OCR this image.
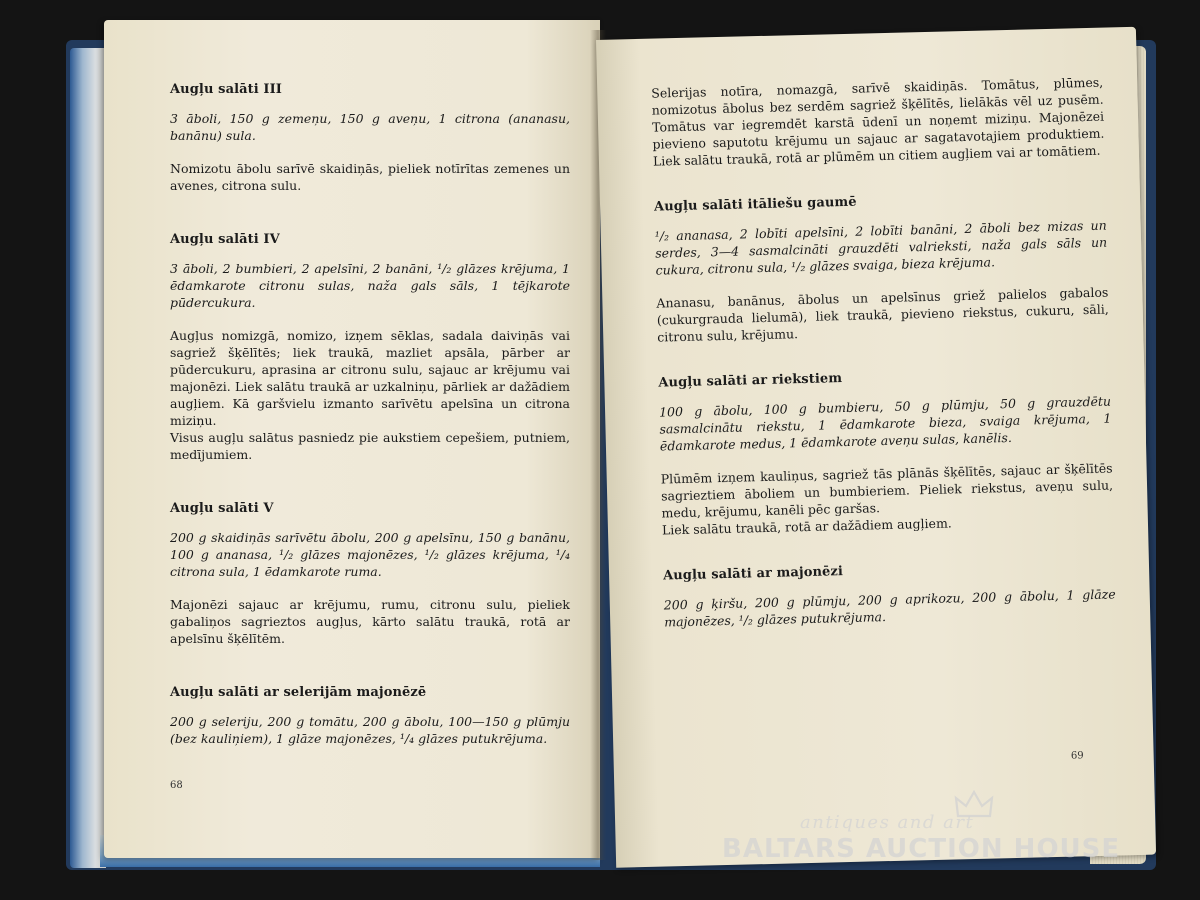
Augļu salāti III

3 āboli, 150 g zemeņu, 150 g aveņu, 1 citrona (ananasu, banānu) sula.

Nomizotu ābolu sarīvē skaidiņās, pieliek notīrītas zemenes un avenes, citrona sulu.

Augļu salāti IV

3 āboli, 2 bumbieri, 2 apelsīni, 2 banāni, ¹/₂ glāzes krējuma, 1 ēdamkarote citronu sulas, naža gals sāls, 1 tējkarote pūdercukura.

Augļus nomizgā, nomizo, izņem sēklas, sadala daiviņās vai sagriež šķēlītēs; liek traukā, mazliet apsāla, pārber ar pūdercukuru, aprasina ar citronu sulu, sajauc ar krējumu vai majonēzi. Liek salātu traukā ar uzkalniņu, pārliek ar dažādiem augļiem. Kā garšvielu izmanto sarīvētu apelsīna un citrona miziņu.

Visus augļu salātus pasniedz pie aukstiem cepešiem, putniem, medījumiem.

Augļu salāti V

200 g skaidiņās sarīvētu ābolu, 200 g apelsīnu, 150 g banānu, 100 g ananasa, ¹/₂ glāzes majonēzes, ¹/₂ glāzes krējuma, ¹/₄ citrona sula, 1 ēdamkarote ruma.

Majonēzi sajauc ar krējumu, rumu, citronu sulu, pieliek gabaliņos sagrieztos augļus, kārto salātu traukā, rotā ar apelsīnu šķēlītēm.

Augļu salāti ar selerijām majonēzē

200 g seleriju, 200 g tomātu, 200 g ābolu, 100—150 g plūmju (bez kauliņiem), 1 glāze majonēzes, ¹/₄ glāzes putukrējuma.

68

Selerijas notīra, nomazgā, sarīvē skaidiņās. Tomātus, plūmes, nomizotus ābolus bez serdēm sagriež šķēlītēs, lielākās vēl uz pusēm. Tomātus var iegremdēt karstā ūdenī un noņemt miziņu. Majonēzei pievieno saputotu krējumu un sajauc ar sagatavotajiem produktiem. Liek salātu traukā, rotā ar plūmēm un citiem augļiem vai ar tomātiem.

Augļu salāti itāliešu gaumē

¹/₂ ananasa, 2 lobīti apelsīni, 2 lobīti banāni, 2 āboli bez mizas un serdes, 3—4 sasmalcināti grauzdēti valrieksti, naža gals sāls un cukura, citronu sula, ¹/₂ glāzes svaiga, bieza krējuma.

Ananasu, banānus, ābolus un apelsīnus griež palielos gabalos (cukurgrauda lielumā), liek traukā, pievieno riekstus, cukuru, sāli, citronu sulu, krējumu.

Augļu salāti ar riekstiem

100 g ābolu, 100 g bumbieru, 50 g plūmju, 50 g grauzdētu sasmalcinātu riekstu, 1 ēdamkarote bieza, svaiga krējuma, 1 ēdamkarote medus, 1 ēdamkarote aveņu sulas, kanēlis.

Plūmēm izņem kauliņus, sagriež tās plānās šķēlītēs, sajauc ar šķēlītēs sagrieztiem āboliem un bumbieriem. Pieliek riekstus, aveņu sulu, medu, krējumu, kanēli pēc garšas.

Liek salātu traukā, rotā ar dažādiem augļiem.

Augļu salāti ar majonēzi

200 g ķiršu, 200 g plūmju, 200 g aprikozu, 200 g ābolu, 1 glāze majonēzes, ¹/₂ glāzes putukrējuma.

69
antiques and art
BALTARS AUCTION HOUSE
